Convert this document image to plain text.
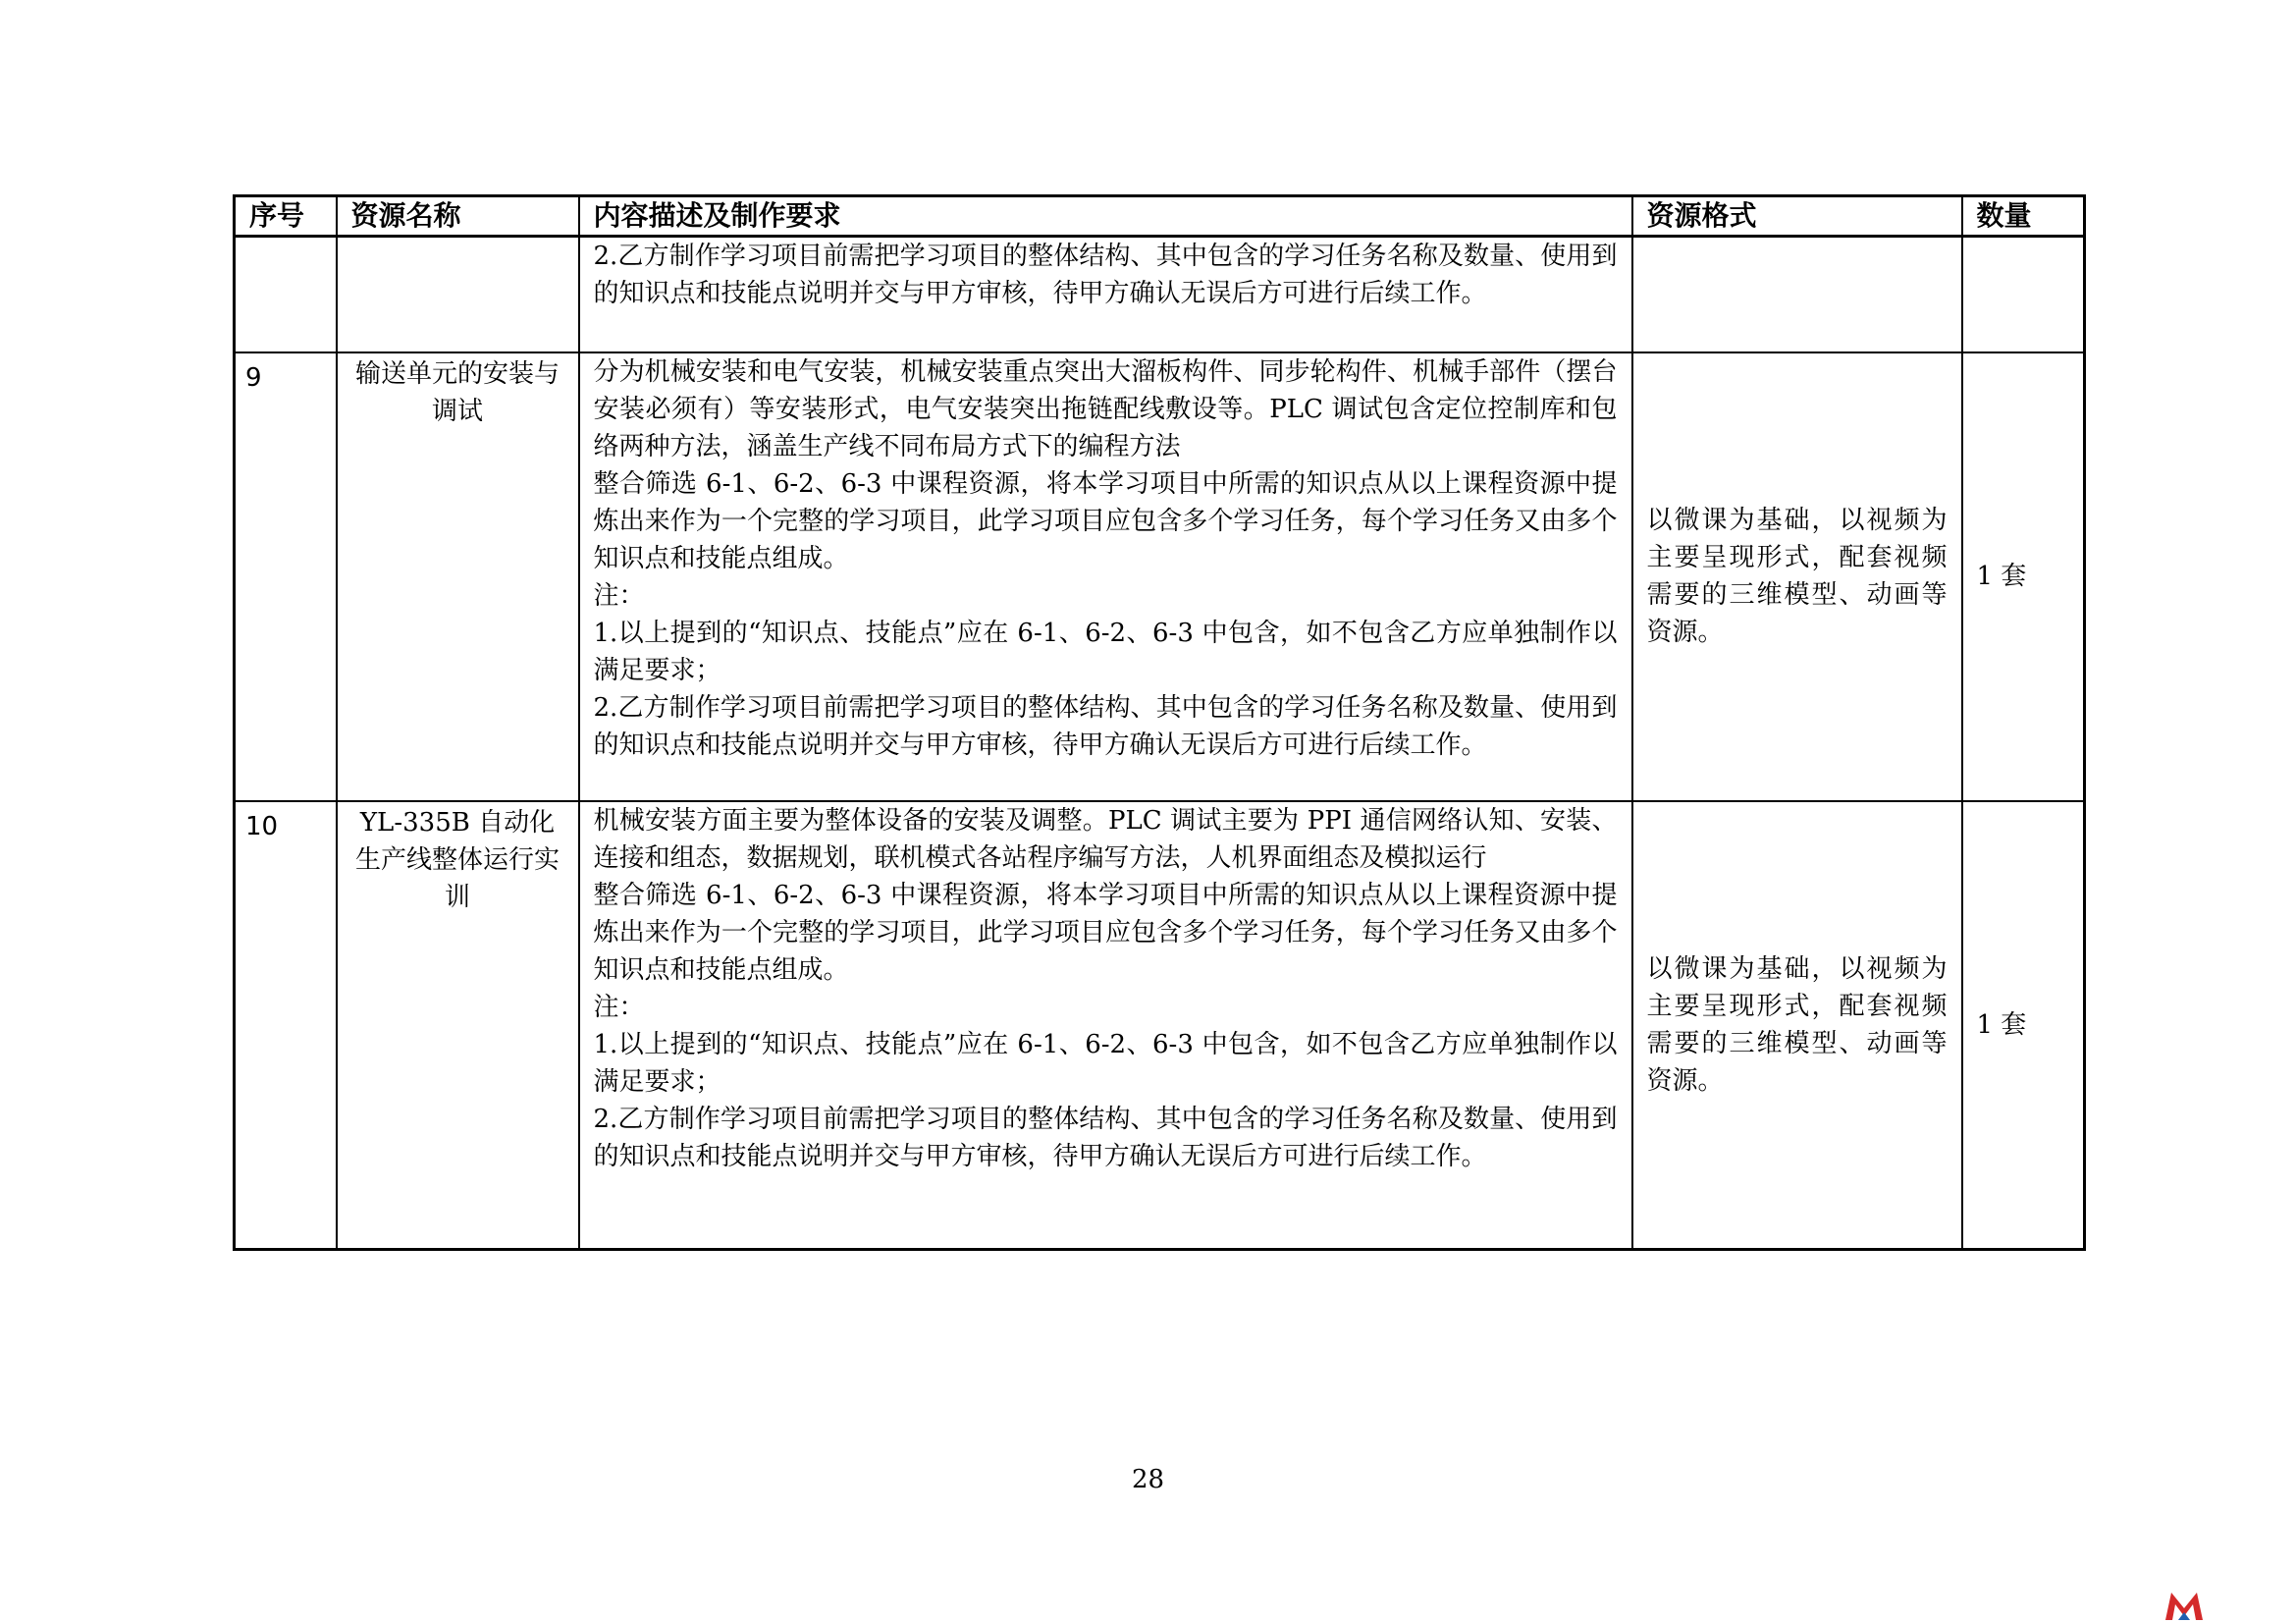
序号	资源名称	内容描述及制作要求	资源格式	数量

		2.乙方制作学习项目前需把学习项目的整体结构、其中包含的学习任务名称及数量、使用到的知识点和技能点说明并交与甲方审核，待甲方确认无误后方可进行后续工作。		

9	输送单元的安装与调试	分为机械安装和电气安装，机械安装重点突出大溜板构件、同步轮构件、机械手部件（摆台安装必须有）等安装形式，电气安装突出拖链配线敷设等。PLC 调试包含定位控制库和包络两种方法，涵盖生产线不同布局方式下的编程方法
整合筛选 6-1、6-2、6-3 中课程资源，将本学习项目中所需的知识点从以上课程资源中提炼出来作为一个完整的学习项目，此学习项目应包含多个学习任务，每个学习任务又由多个知识点和技能点组成。
注：
1.以上提到的“知识点、技能点”应在 6-1、6-2、6-3 中包含，如不包含乙方应单独制作以满足要求；
2.乙方制作学习项目前需把学习项目的整体结构、其中包含的学习任务名称及数量、使用到的知识点和技能点说明并交与甲方审核，待甲方确认无误后方可进行后续工作。	以微课为基础，以视频为主要呈现形式，配套视频需要的三维模型、动画等资源。	1 套
10	YL-335B 自动化生产线整体运行实训	机械安装方面主要为整体设备的安装及调整。PLC 调试主要为 PPI 通信网络认知、安装、连接和组态，数据规划，联机模式各站程序编写方法，人机界面组态及模拟运行
整合筛选 6-1、6-2、6-3 中课程资源，将本学习项目中所需的知识点从以上课程资源中提炼出来作为一个完整的学习项目，此学习项目应包含多个学习任务，每个学习任务又由多个知识点和技能点组成。
注：
1.以上提到的“知识点、技能点”应在 6-1、6-2、6-3 中包含，如不包含乙方应单独制作以满足要求；
2.乙方制作学习项目前需把学习项目的整体结构、其中包含的学习任务名称及数量、使用到的知识点和技能点说明并交与甲方审核，待甲方确认无误后方可进行后续工作。	以微课为基础，以视频为主要呈现形式，配套视频需要的三维模型、动画等资源。	1 套
28
